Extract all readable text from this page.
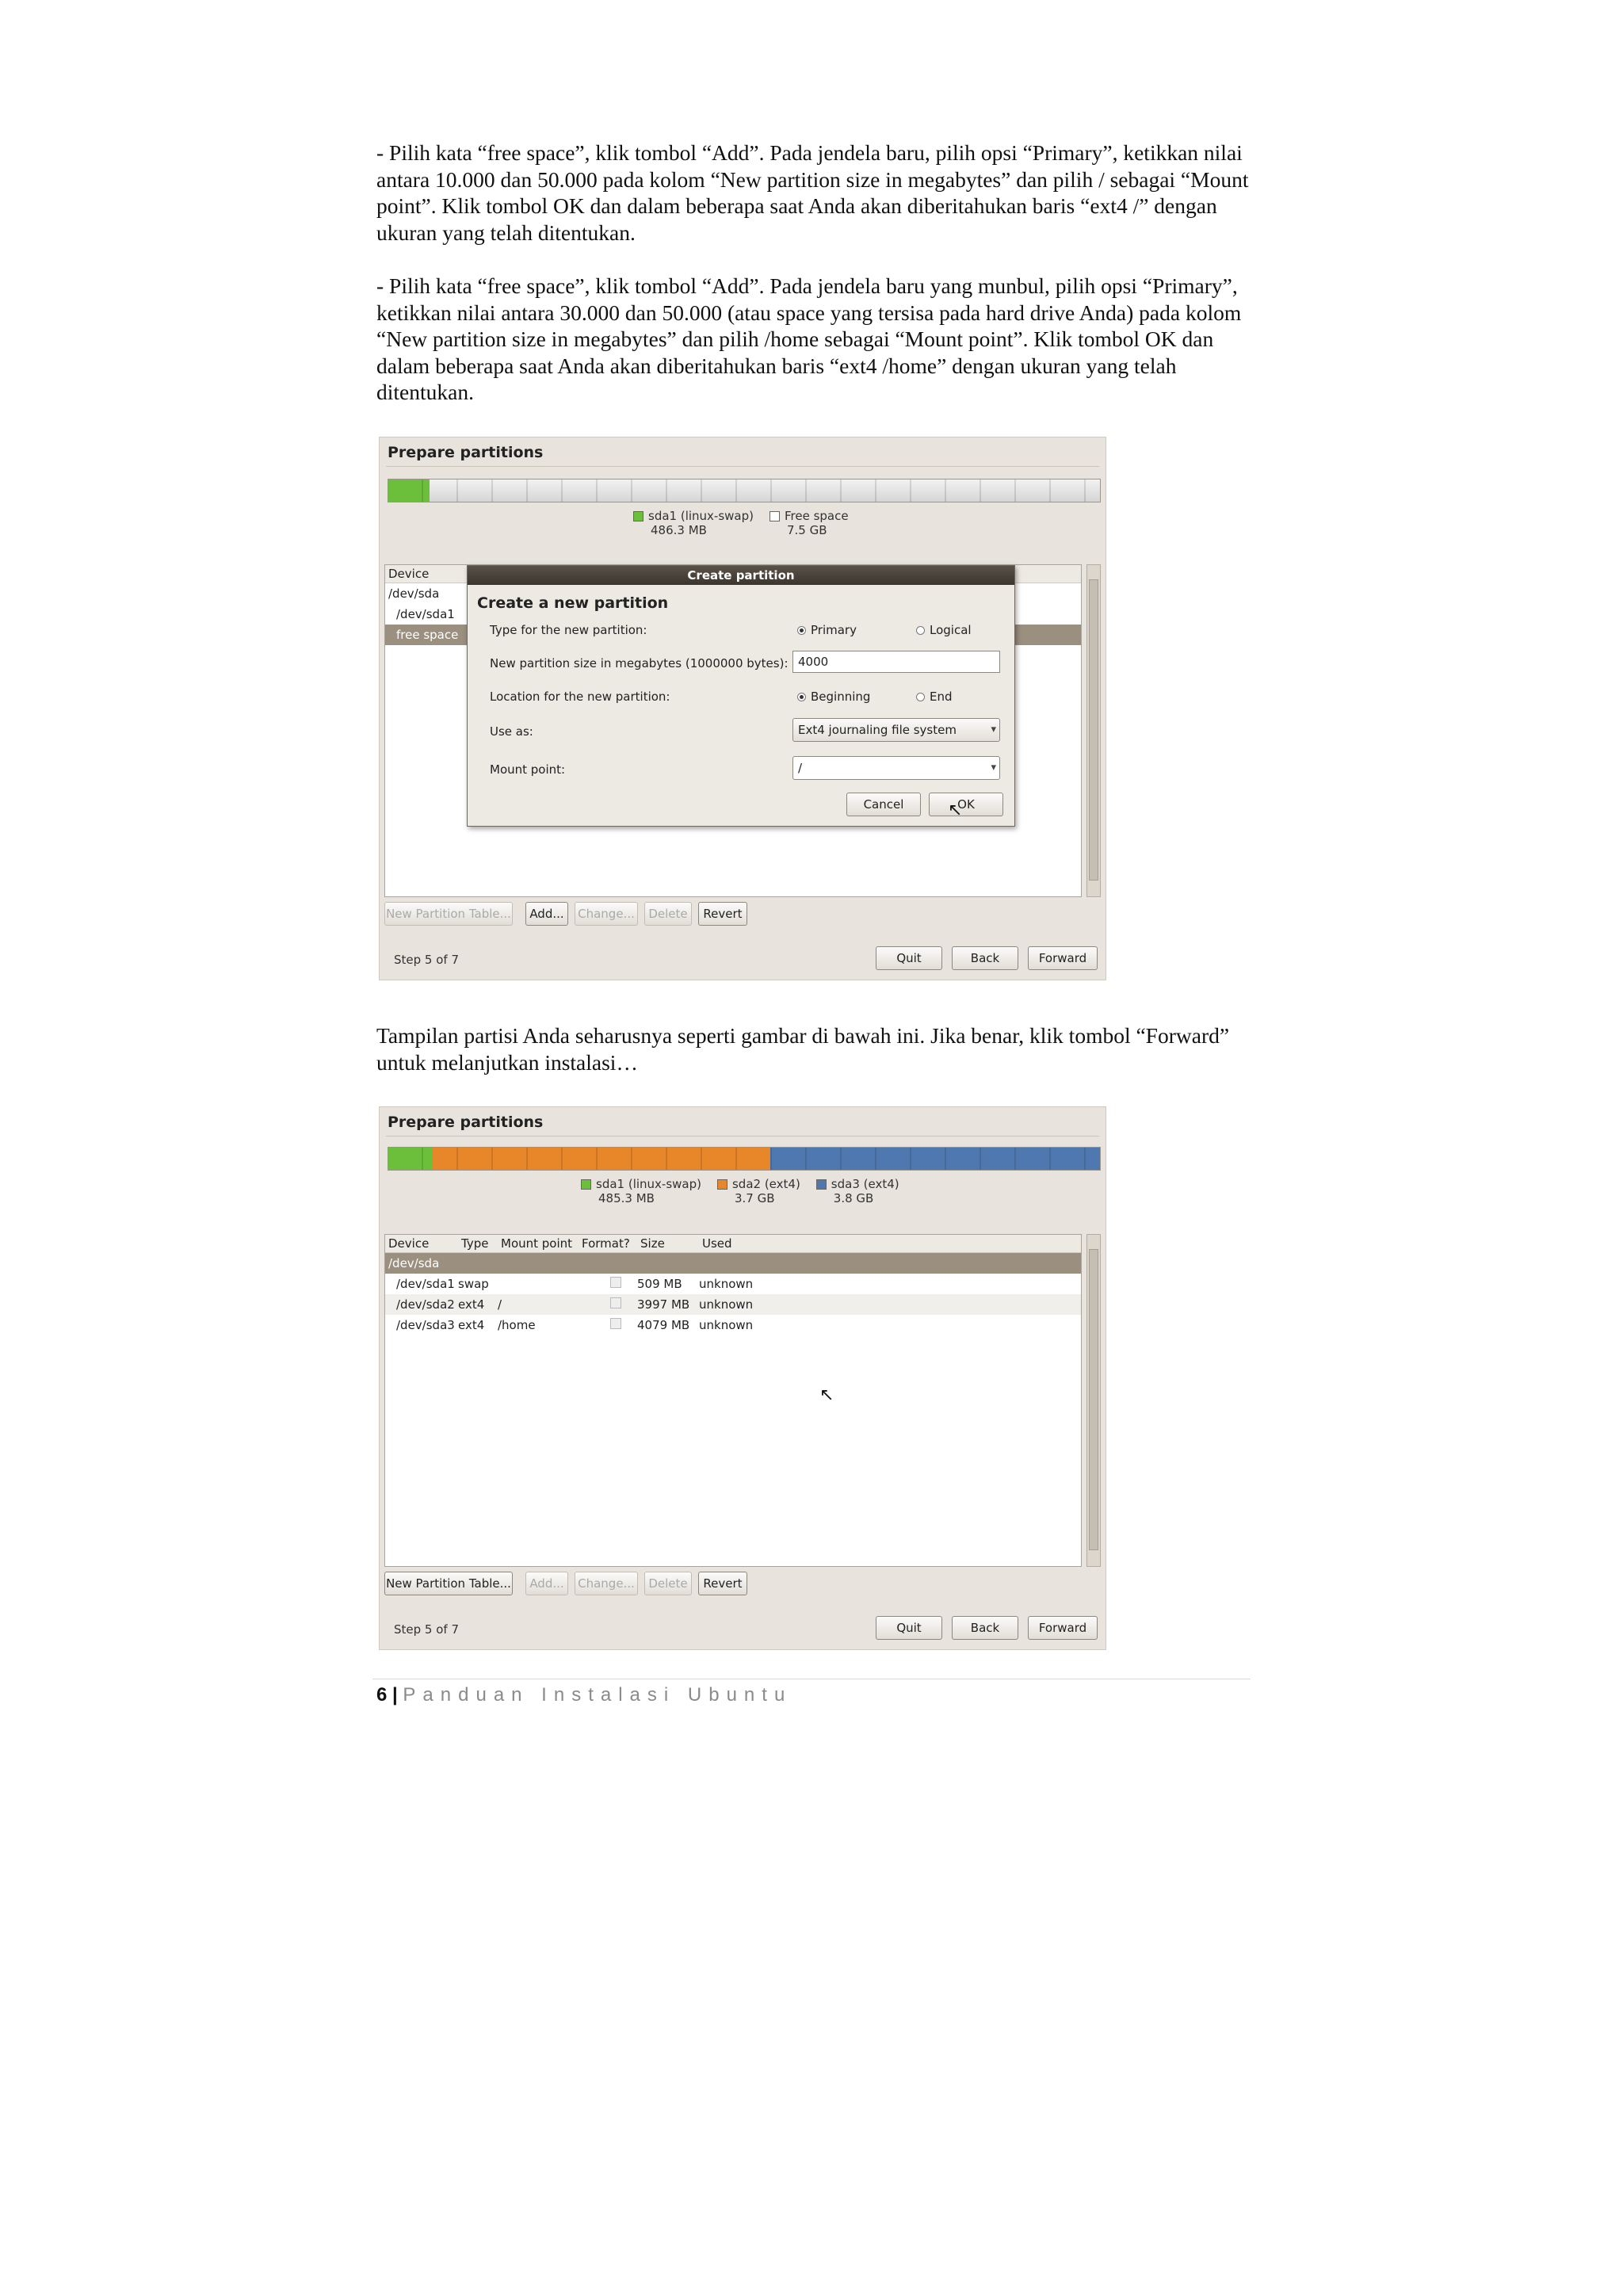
- Pilih kata “free space”, klik tombol “Add”. Pada jendela baru, pilih opsi “Primary”, ketikkan nilai antara 10.000 dan 50.000 pada kolom “New partition size in megabytes” dan pilih / sebagai “Mount point”. Klik tombol OK dan dalam beberapa saat Anda akan diberitahukan baris “ext4 /” dengan ukuran yang telah ditentukan.

- Pilih kata “free space”, klik tombol “Add”. Pada jendela baru yang munbul, pilih opsi “Primary”, ketikkan nilai antara 30.000 dan 50.000 (atau space yang tersisa pada hard drive Anda) pada kolom “New partition size in megabytes” dan pilih /home sebagai “Mount point”. Klik tombol OK dan dalam beberapa saat Anda akan diberitahukan baris “ext4 /home” dengan ukuran yang telah ditentukan.

Prepare partitions
sda1 (linux-swap)
486.3 MB
Free space
7.5 GB
Device
/dev/sda
/dev/sda1
free space
Create partition
Create a new partition
Type for the new partition:	Primary	Logical
New partition size in megabytes (1000000 bytes): 4000
Location for the new partition:	Beginning	End
Use as:	Ext4 journaling file system	▾
Mount point:	/	▾
Cancel	OK
↖
New Partition Table...	Add...	Change...	Delete	Revert
Step 5 of 7	Quit	Back	Forward

Tampilan partisi Anda seharusnya seperti gambar di bawah ini. Jika benar, klik tombol “Forward” untuk melanjutkan instalasi…

Prepare partitions
sda1 (linux-swap)
485.3 MB
sda2 (ext4)
3.7 GB
sda3 (ext4)
3.8 GB
Device	Type	Mount point Format? Size	Used
/dev/sda
/dev/sda1 swap	509 MB	unknown
/dev/sda2 ext4	/	3997 MB unknown
/dev/sda3 ext4	/home	4079 MB unknown
↖
New Partition Table...	Add...	Change...	Delete	Revert
Step 5 of 7	Quit	Back	Forward
6 | Panduan Instalasi Ubuntu
